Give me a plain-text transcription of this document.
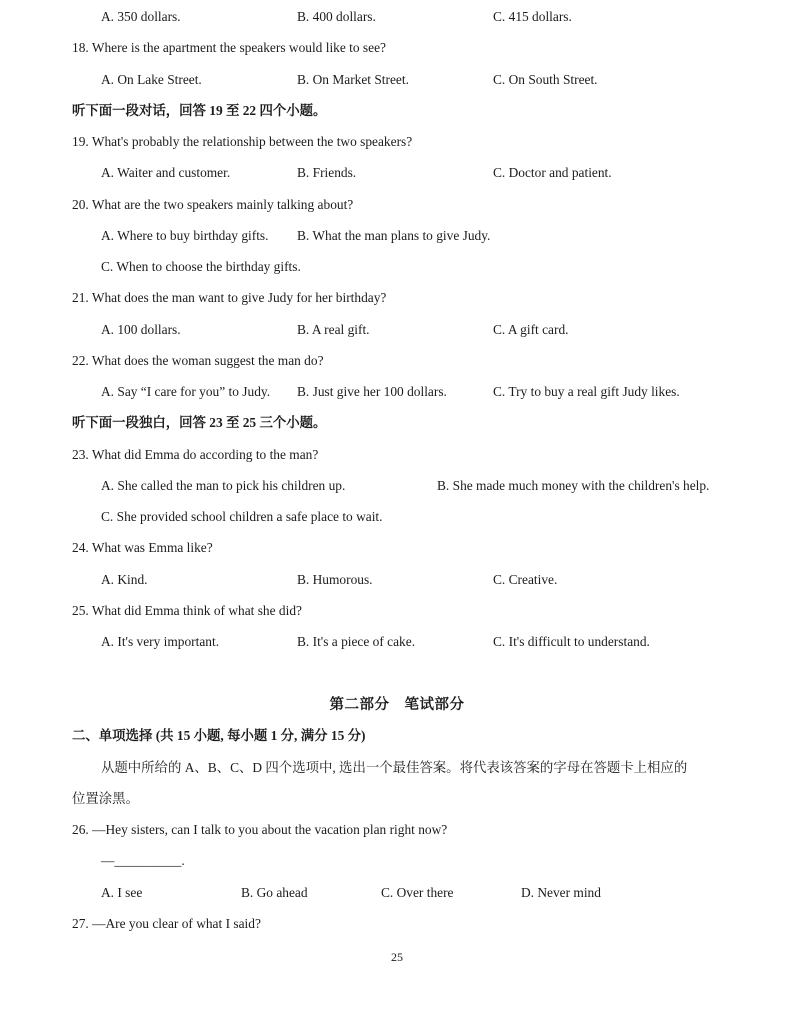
A. 350 dollars.	B. 400 dollars.	C. 415 dollars.
18. Where is the apartment the speakers would like to see?
A. On Lake Street.	B. On Market Street.	C. On South Street.
听下面一段对话，回答 19 至 22 四个小题。
19. What's probably the relationship between the two speakers?
A. Waiter and customer.	B. Friends.	C. Doctor and patient.
20. What are the two speakers mainly talking about?
A. Where to buy birthday gifts. B. What the man plans to give Judy.
C. When to choose the birthday gifts.
21. What does the man want to give Judy for her birthday?
A. 100 dollars.	B. A real gift.	C. A gift card.
22. What does the woman suggest the man do?
A. Say “I care for you” to Judy. B. Just give her 100 dollars.	C. Try to buy a real gift Judy likes.
听下面一段独白，回答 23 至 25 三个小题。
23. What did Emma do according to the man?
A. She called the man to pick his children up.	B. She made much money with the children's help.
C. She provided school children a safe place to wait.
24. What was Emma like?
A. Kind.	B. Humorous.	C. Creative.
25. What did Emma think of what she did?
A. It's very important.	B. It's a piece of cake.	C. It's difficult to understand.
第二部分　笔试部分
二、单项选择 (共 15 小题, 每小题 1 分, 满分 15 分)
从题中所给的 A、B、C、D 四个选项中, 选出一个最佳答案。将代表该答案的字母在答题卡上相应的
位置涂黑。
26. —Hey sisters, can I talk to you about the vacation plan right now?
—__________.
A. I see	B. Go ahead	C. Over there	D. Never mind
27. —Are you clear of what I said?
25
